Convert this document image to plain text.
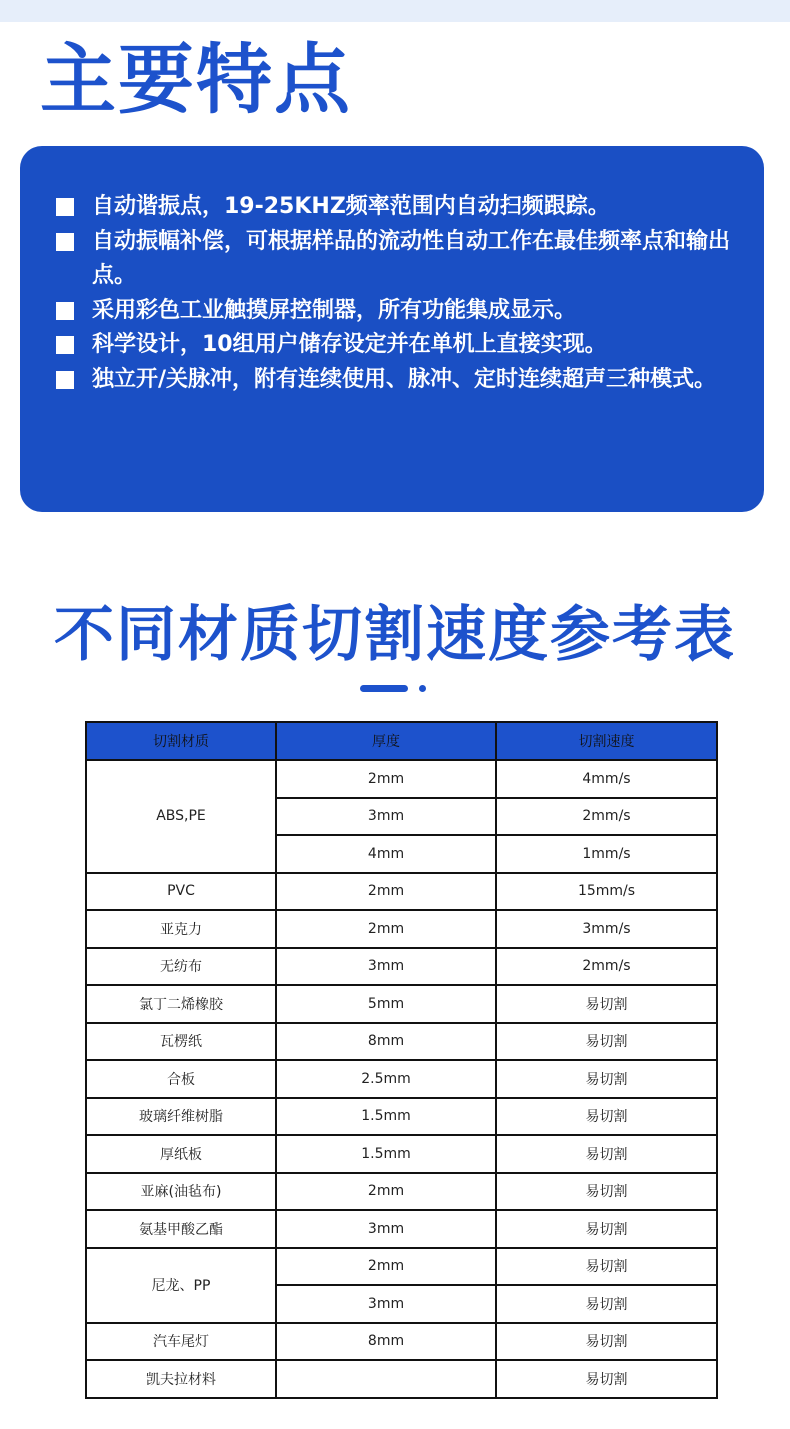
主要特点
自动谐振点，19-25KHZ频率范围内自动扫频跟踪。
自动振幅补偿，可根据样品的流动性自动工作在最佳频率点和输出点。
采用彩色工业触摸屏控制器，所有功能集成显示。
科学设计，10组用户储存设定并在单机上直接实现。
独立开/关脉冲，附有连续使用、脉冲、定时连续超声三种模式。
不同材质切割速度参考表
切割材质	厚度	切割速度
ABS,PE	2mm	4mm/s
	3mm	2mm/s
	4mm	1mm/s
PVC	2mm	15mm/s
亚克力	2mm	3mm/s
无纺布	3mm	2mm/s
氯丁二烯橡胶	5mm	易切割
瓦楞纸	8mm	易切割
合板	2.5mm	易切割
玻璃纤维树脂	1.5mm	易切割
厚纸板	1.5mm	易切割
亚麻(油毡布)	2mm	易切割
氨基甲酸乙酯	3mm	易切割
尼龙、PP	2mm	易切割
	3mm	易切割
汽车尾灯	8mm	易切割
凯夫拉材料		易切割
